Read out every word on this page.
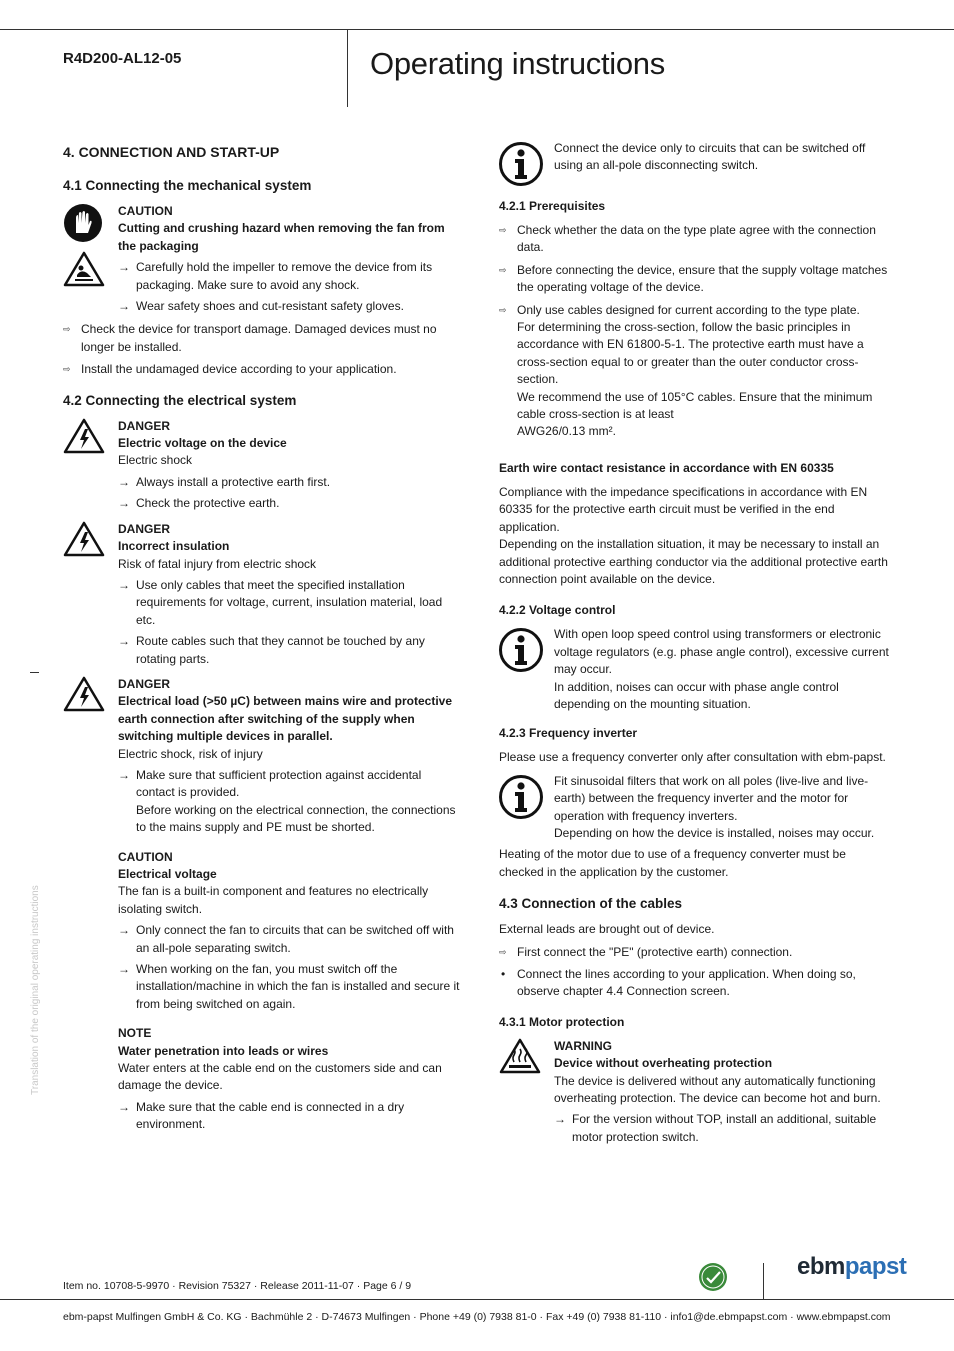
R4D200-AL12-05	Operating instructions
Translation of the original operating instructions
4. CONNECTION AND START-UP
4.1 Connecting the mechanical system
CAUTION
Cutting and crushing hazard when removing the fan from the packaging
→ Carefully hold the impeller to remove the device from its packaging. Make sure to avoid any shock.
→ Wear safety shoes and cut-resistant safety gloves.
⇨ Check the device for transport damage. Damaged devices must no longer be installed.
⇨ Install the undamaged device according to your application.
4.2 Connecting the electrical system
DANGER
Electric voltage on the device
Electric shock
→ Always install a protective earth first.
→ Check the protective earth.
DANGER
Incorrect insulation
Risk of fatal injury from electric shock
→ Use only cables that meet the specified installation requirements for voltage, current, insulation material, load etc.
→ Route cables such that they cannot be touched by any rotating parts.
DANGER
Electrical load (>50 µC) between mains wire and protective earth connection after switching of the supply when switching multiple devices in parallel.
Electric shock, risk of injury
→ Make sure that sufficient protection against accidental contact is provided.
Before working on the electrical connection, the connections to the mains supply and PE must be shorted.
CAUTION
Electrical voltage
The fan is a built-in component and features no electrically isolating switch.
→ Only connect the fan to circuits that can be switched off with an all-pole separating switch.
→ When working on the fan, you must switch off the installation/machine in which the fan is installed and secure it from being switched on again.
NOTE
Water penetration into leads or wires
Water enters at the cable end on the customers side and can damage the device.
→ Make sure that the cable end is connected in a dry environment.
Connect the device only to circuits that can be switched off using an all-pole disconnecting switch.
4.2.1 Prerequisites
⇨ Check whether the data on the type plate agree with the connection data.
⇨ Before connecting the device, ensure that the supply voltage matches the operating voltage of the device.
⇨ Only use cables designed for current according to the type plate.
For determining the cross-section, follow the basic principles in accordance with EN 61800-5-1. The protective earth must have a cross-section equal to or greater than the outer conductor cross-section.
We recommend the use of 105°C cables. Ensure that the minimum cable cross-section is at least
AWG26/0.13 mm².
Earth wire contact resistance in accordance with EN 60335
Compliance with the impedance specifications in accordance with EN 60335 for the protective earth circuit must be verified in the end application.
Depending on the installation situation, it may be necessary to install an additional protective earthing conductor via the additional protective earth connection point available on the device.
4.2.2 Voltage control
With open loop speed control using transformers or electronic voltage regulators (e.g. phase angle control), excessive current may occur.
In addition, noises can occur with phase angle control depending on the mounting situation.
4.2.3 Frequency inverter
Please use a frequency converter only after consultation with ebm-papst.
Fit sinusoidal filters that work on all poles (live-live and live-earth) between the frequency inverter and the motor for operation with frequency inverters.
Depending on how the device is installed, noises may occur.
Heating of the motor due to use of a frequency converter must be checked in the application by the customer.
4.3 Connection of the cables
External leads are brought out of device.
⇨ First connect the "PE" (protective earth) connection.
• Connect the lines according to your application. When doing so, observe chapter 4.4 Connection screen.
4.3.1 Motor protection
WARNING
Device without overheating protection
The device is delivered without any automatically functioning overheating protection. The device can become hot and burn.
→ For the version without TOP, install an additional, suitable motor protection switch.
Item no. 10708-5-9970 · Revision 75327 · Release 2011-11-07 · Page 6 / 9
ebmpapst
ebm-papst Mulfingen GmbH & Co. KG · Bachmühle 2 · D-74673 Mulfingen · Phone +49 (0) 7938 81-0 · Fax +49 (0) 7938 81-110 · info1@de.ebmpapst.com · www.ebmpapst.com
